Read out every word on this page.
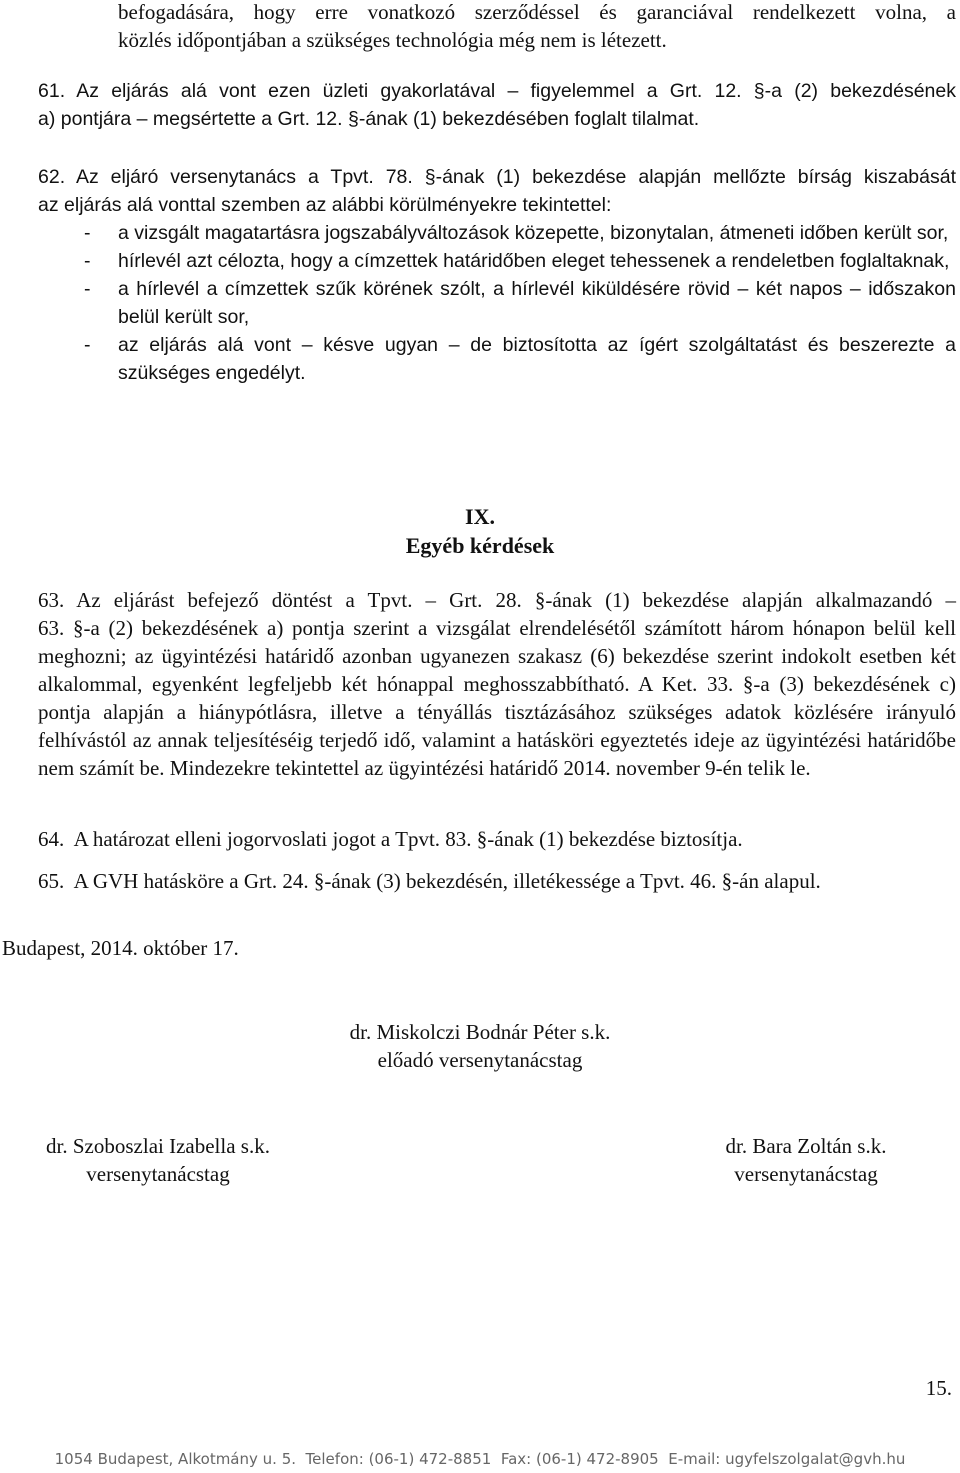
befogadására, hogy erre vonatkozó szerződéssel és garanciával rendelkezett volna, a
közlés időpontjában a szükséges technológia még nem is létezett.
61. Az eljárás alá vont ezen üzleti gyakorlatával – figyelemmel a Grt. 12. §-a (2) bekezdésének
a) pontjára – megsértette a Grt. 12. §-ának (1) bekezdésében foglalt tilalmat.
62. Az eljáró versenytanács a Tpvt. 78. §-ának (1) bekezdése alapján mellőzte bírság kiszabását
az eljárás alá vonttal szemben az alábbi körülményekre tekintettel:
- a vizsgált magatartásra jogszabályváltozások közepette, bizonytalan, átmeneti időben került sor,
- hírlevél azt célozta, hogy a címzettek határidőben eleget tehessenek a rendeletben foglaltaknak,
- a hírlevél a címzettek szűk körének szólt, a hírlevél kiküldésére rövid – két napos – időszakon belül került sor,
- az eljárás alá vont – késve ugyan – de biztosította az ígért szolgáltatást és beszerezte a szükséges engedélyt.
IX.
Egyéb kérdések
63. Az eljárást befejező döntést a Tpvt. – Grt. 28. §-ának (1) bekezdése alapján alkalmazandó –
63. §-a (2) bekezdésének a) pontja szerint a vizsgálat elrendelésétől számított három hónapon belül kell meghozni; az ügyintézési határidő azonban ugyanezen szakasz (6) bekezdése szerint indokolt esetben két alkalommal, egyenként legfeljebb két hónappal meghosszabbítható. A Ket. 33. §-a (3) bekezdésének c) pontja alapján a hiánypótlásra, illetve a tényállás tisztázásához szükséges adatok közlésére irányuló felhívástól az annak teljesítéséig terjedő idő, valamint a hatásköri egyeztetés ideje az ügyintézési határidőbe nem számít be. Mindezekre tekintettel az ügyintézési határidő 2014. november 9-én telik le.
64.  A határozat elleni jogorvoslati jogot a Tpvt. 83. §-ának (1) bekezdése biztosítja.
65.  A GVH hatásköre a Grt. 24. §-ának (3) bekezdésén, illetékessége a Tpvt. 46. §-án alapul.
Budapest, 2014. október 17.
dr. Miskolczi Bodnár Péter s.k.
előadó versenytanácstag
dr. Szoboszlai Izabella s.k.
versenytanácstag
dr. Bara Zoltán s.k.
versenytanácstag
15.
1054 Budapest, Alkotmány u. 5.  Telefon: (06-1) 472-8851  Fax: (06-1) 472-8905  E-mail: ugyfelszolgalat@gvh.hu
